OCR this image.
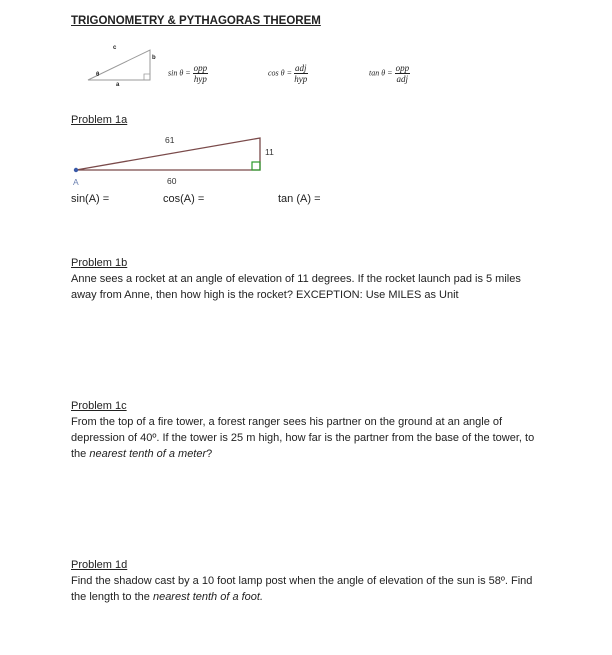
TRIGONOMETRY & PYTHAGORAS THEOREM
c
b
a
θ	$\sin \theta = \frac{\text{opp}}{\text{hyp}}$	$\cos \theta = \frac{\text{adj}}{\text{hyp}}$	$\tan \theta = \frac{\text{opp}}{\text{adj}}$
Problem 1a
61
11
60
A
sin(A) =	cos(A) =	tan (A) =
Problem 1b
Anne sees a rocket at an angle of elevation of 11 degrees. If the rocket launch pad is 5 miles away from Anne, then how high is the rocket? EXCEPTION: Use MILES as Unit
Problem 1c
From the top of a fire tower, a forest ranger sees his partner on the ground at an angle of depression of 40º. If the tower is 25 m high, how far is the partner from the base of the tower, to the nearest tenth of a meter?
Problem 1d
Find the shadow cast by a 10 foot lamp post when the angle of elevation of the sun is 58º. Find the length to the nearest tenth of a foot.
